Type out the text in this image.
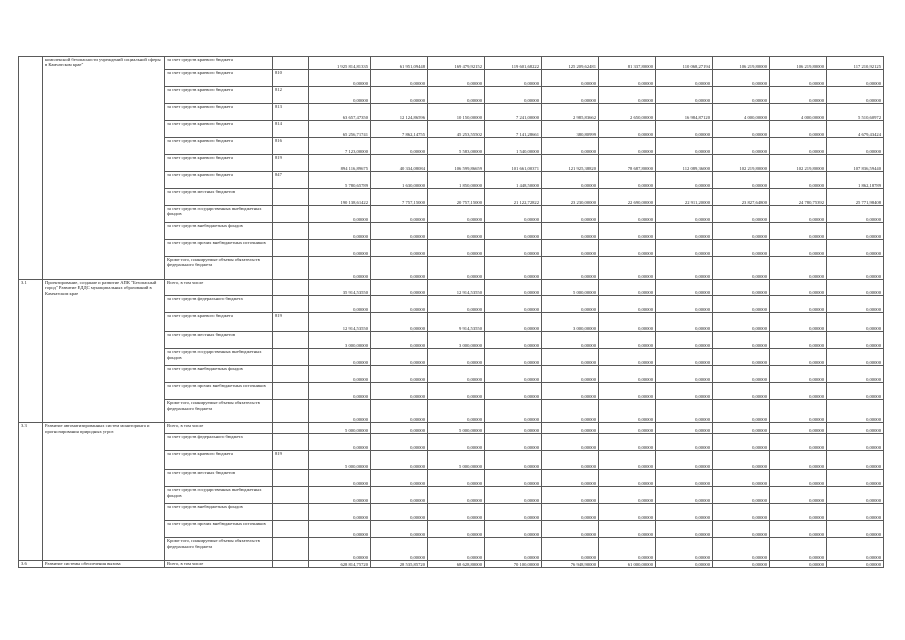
	комплексной безопасности учреждений социальной сферы в Камчатском крае"	за счет средств краевого бюджета		1 925 814,81335	61 951,09448	169 479,92152	119 601,68222	125 209,62481	81 337,80000	110 068,27194	106 219,80000	106 219,80000	117 210,92125
		за счет средств краевого бюджета	810	0,00000	0,00000	0,00000	0,00000	0,00000	0,00000	0,00000	0,00000	0,00000	0,00000
		за счет средств краевого бюджета	812	0,00000	0,00000	0,00000	0,00000	0,00000	0,00000	0,00000	0,00000	0,00000	0,00000
		за счет средств краевого бюджета	813	63 657,47350	12 124,86596	10 150,00000	7 241,00000	2 985,83662	2 650,00000	16 984,87120	4 000,00000	4 000,00000	5 510,60972
		за счет средств краевого бюджета	814	65 256,71741	7 862,14755	45 253,55502	7 141,28661	380,80999	0,00000	0,00000	0,00000	0,00000	4 679,43424
		за счет средств краевого бюджета	816	7 123,00000	0,00000	5 583,00000	1 540,00000	0,00000	0,00000	0,00000	0,00000	0,00000	0,00000
		за счет средств краевого бюджета	819	894 116,89675	40 334,08084	106 599,86659	101 661,00371	121 925,38820	78 687,80000	112 089,36000	102 219,80000	102 219,80000	107 836,59440
		за счет средств краевого бюджета	847	5 780,65789	1 630,00000	1 850,00000	1 448,50000	0,00000	0,00000	0,00000	0,00000	0,00000	1 862,18789
		за счет средств местных бюджетов		190 138,61422	7 757,15000	20 757,15000	21 122,72822	23 230,00000	22 690,00000	22 911,20000	23 827,64800	24 780,75392	25 771,98408
		за счет средств государственных внебюджетных фондов		0,00000	0,00000	0,00000	0,00000	0,00000	0,00000	0,00000	0,00000	0,00000	0,00000
		за счет средств внебюджетных фондов		0,00000	0,00000	0,00000	0,00000	0,00000	0,00000	0,00000	0,00000	0,00000	0,00000
		за счет средств прочих внебюджетных источников		0,00000	0,00000	0,00000	0,00000	0,00000	0,00000	0,00000	0,00000	0,00000	0,00000
		Кроме того, планируемые объемы обязательств федерального бюджета		0,00000	0,00000	0,00000	0,00000	0,00000	0,00000	0,00000	0,00000	0,00000	0,00000
3.1	Проектирование, создание и развитие АПК "Безопасный город" Развитие ЕДДС муниципальных образований в Камчатском крае	Всего, в том числе		35 914,53550	0,00000	12 914,53550	0,00000	5 000,00000	0,00000	0,00000	0,00000	0,00000	0,00000
		за счет средств федерального бюджета		0,00000	0,00000	0,00000	0,00000	0,00000	0,00000	0,00000	0,00000	0,00000	0,00000
		за счет средств краевого бюджета	819	12 914,53550	0,00000	9 914,53550	0,00000	3 000,00000	0,00000	0,00000	0,00000	0,00000	0,00000
		за счет средств местных бюджетов		3 000,00000	0,00000	3 000,00000	0,00000	0,00000	0,00000	0,00000	0,00000	0,00000	0,00000
		за счет средств государственных внебюджетных фондов		0,00000	0,00000	0,00000	0,00000	0,00000	0,00000	0,00000	0,00000	0,00000	0,00000
		за счет средств внебюджетных фондов		0,00000	0,00000	0,00000	0,00000	0,00000	0,00000	0,00000	0,00000	0,00000	0,00000
		за счет средств прочих внебюджетных источников		0,00000	0,00000	0,00000	0,00000	0,00000	0,00000	0,00000	0,00000	0,00000	0,00000
		Кроме того, планируемые объемы обязательств федерального бюджета		0,00000	0,00000	0,00000	0,00000	0,00000	0,00000	0,00000	0,00000	0,00000	0,00000
3.3	Развитие автоматизированных систем мониторинга и прогнозирования природных угроз	Всего, в том числе		5 000,00000	0,00000	5 000,00000	0,00000	0,00000	0,00000	0,00000	0,00000	0,00000	0,00000
		за счет средств федерального бюджета		0,00000	0,00000	0,00000	0,00000	0,00000	0,00000	0,00000	0,00000	0,00000	0,00000
		за счет средств краевого бюджета	819	5 000,00000	0,00000	5 000,00000	0,00000	0,00000	0,00000	0,00000	0,00000	0,00000	0,00000
		за счет средств местных бюджетов		0,00000	0,00000	0,00000	0,00000	0,00000	0,00000	0,00000	0,00000	0,00000	0,00000
		за счет средств государственных внебюджетных фондов		0,00000	0,00000	0,00000	0,00000	0,00000	0,00000	0,00000	0,00000	0,00000	0,00000
		за счет средств внебюджетных фондов		0,00000	0,00000	0,00000	0,00000	0,00000	0,00000	0,00000	0,00000	0,00000	0,00000
		за счет средств прочих внебюджетных источников		0,00000	0,00000	0,00000	0,00000	0,00000	0,00000	0,00000	0,00000	0,00000	0,00000
		Кроме того, планируемые объемы обязательств федерального бюджета		0,00000	0,00000	0,00000	0,00000	0,00000	0,00000	0,00000	0,00000	0,00000	0,00000
3.6	Развитие системы обеспечения вызова	Всего, в том числе		628 814,75720	28 535,85720	68 628,80000	70 100,00000	76 948,90000	61 000,00000	0,00000	0,00000	0,00000	0,00000
